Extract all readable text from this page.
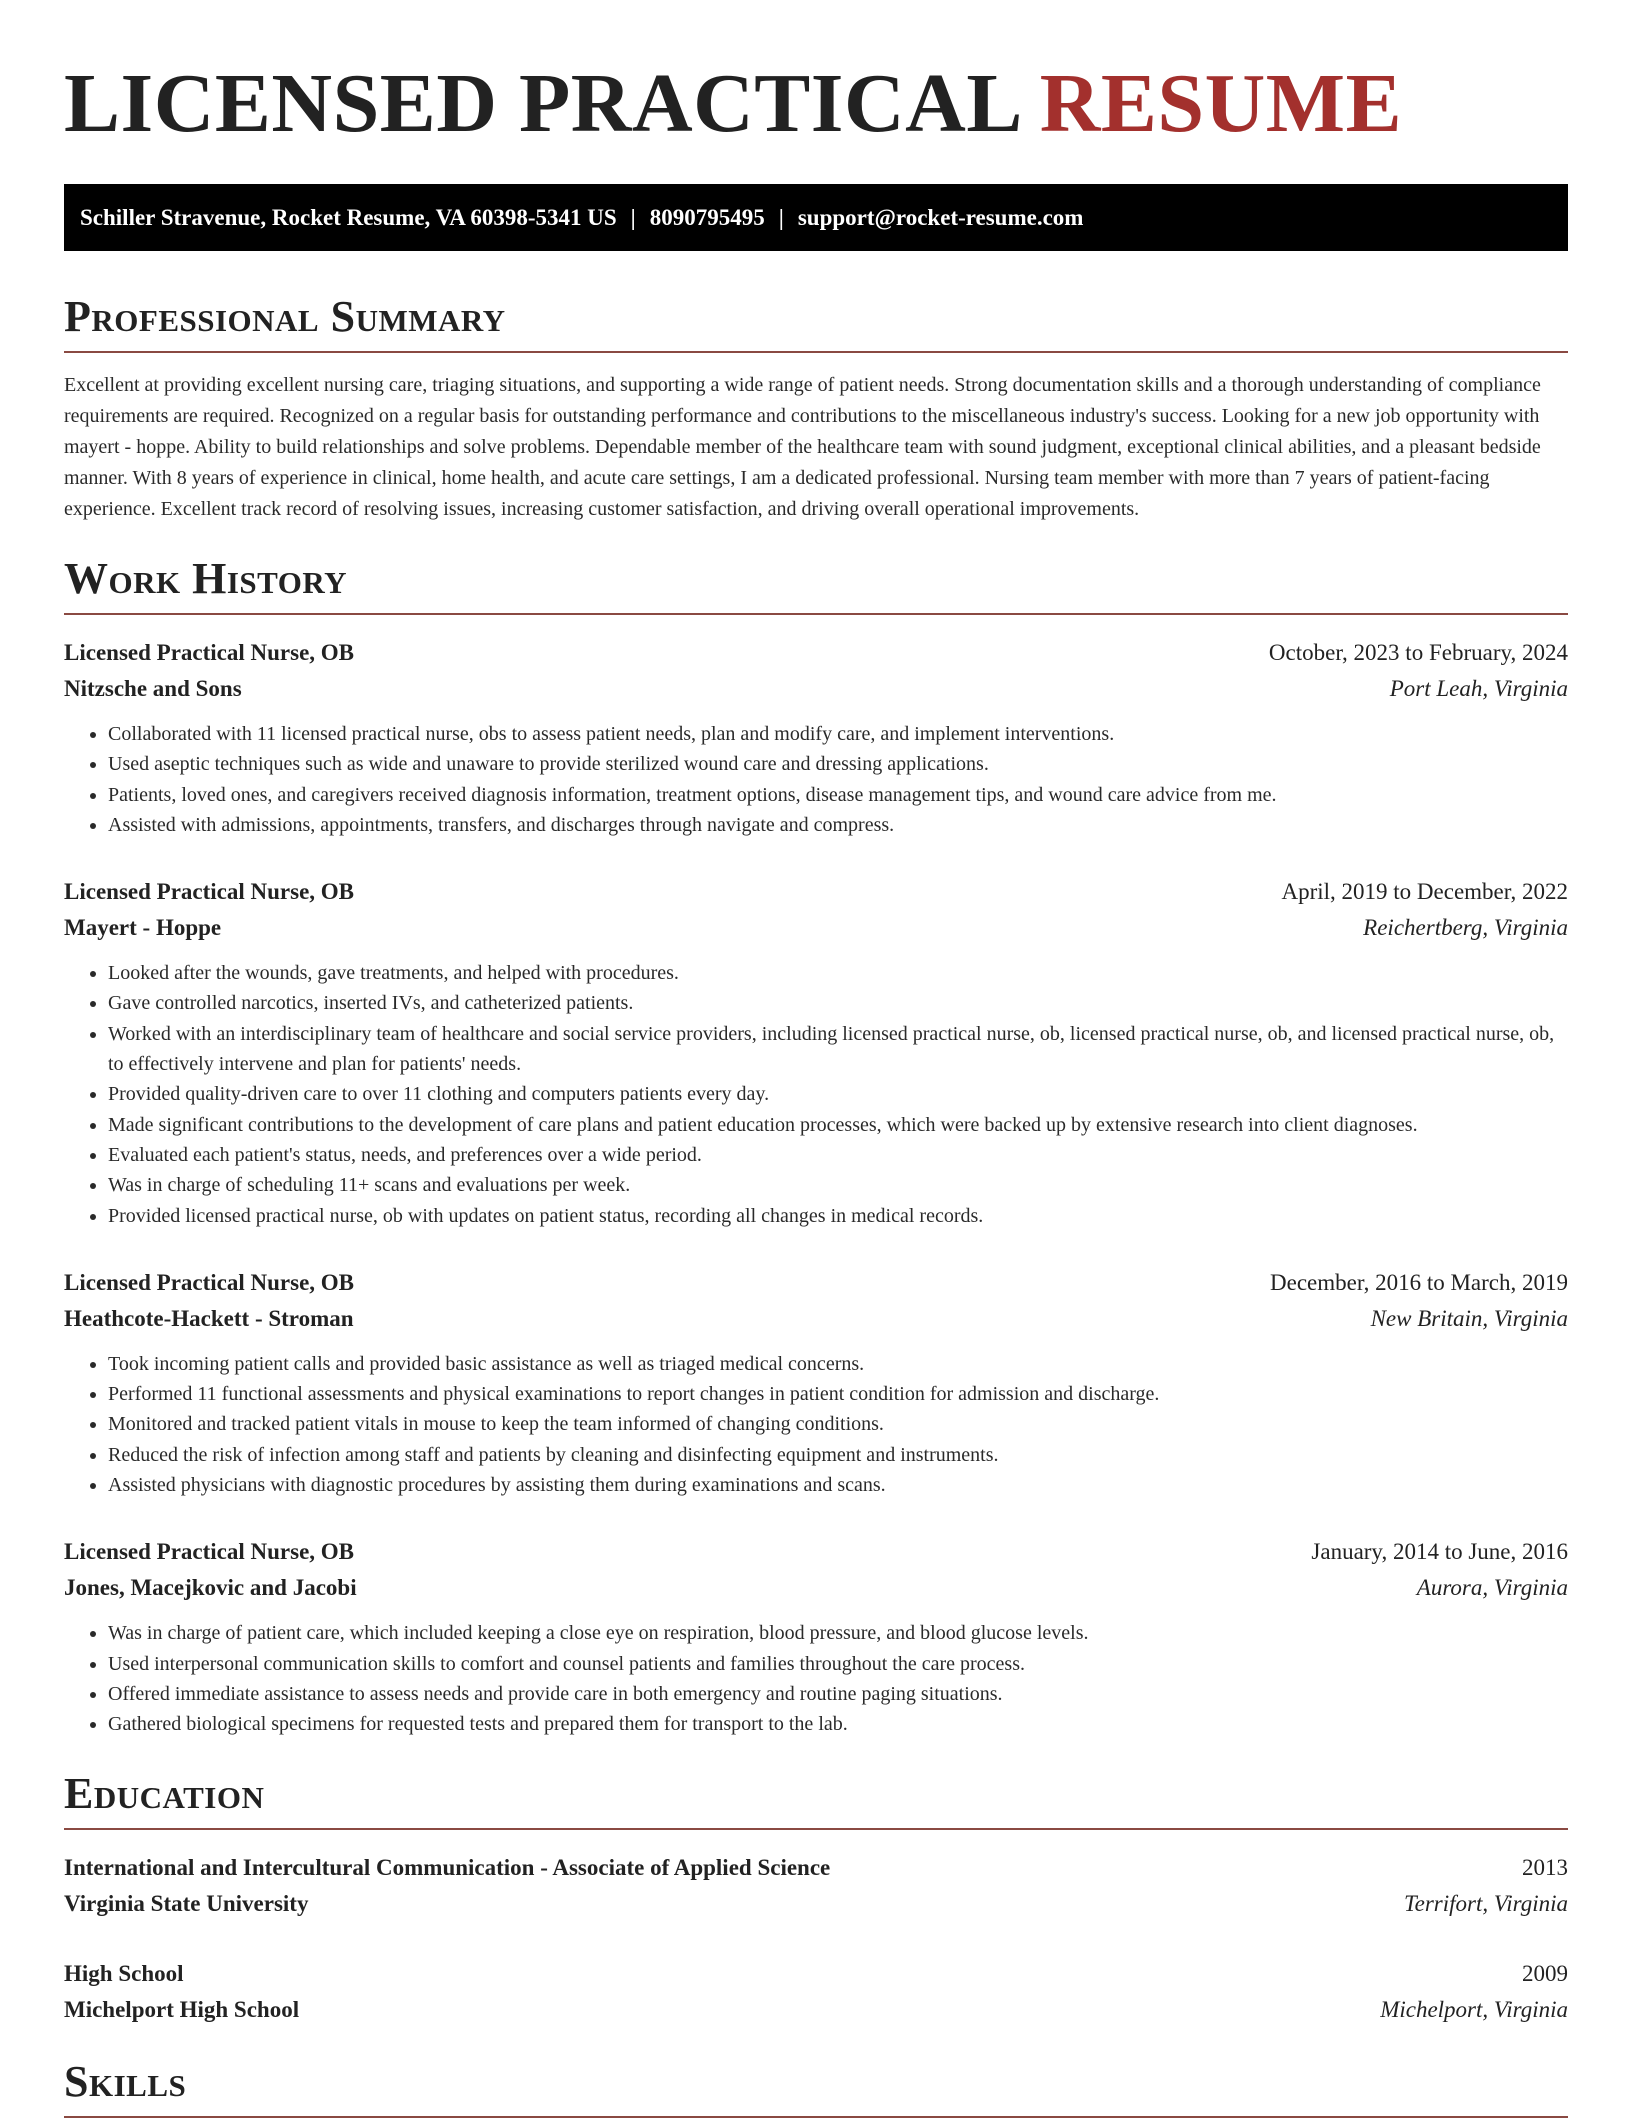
LICENSED PRACTICAL RESUME
Schiller Stravenue, Rocket Resume, VA 60398-5341 US | 8090795495 | support@rocket-resume.com
Professional Summary

Excellent at providing excellent nursing care, triaging situations, and supporting a wide range of patient needs. Strong documentation skills and a thorough understanding of compliance requirements are required. Recognized on a regular basis for outstanding performance and contributions to the miscellaneous industry's success. Looking for a new job opportunity with mayert - hoppe. Ability to build relationships and solve problems. Dependable member of the healthcare team with sound judgment, exceptional clinical abilities, and a pleasant bedside manner. With 8 years of experience in clinical, home health, and acute care settings, I am a dedicated professional. Nursing team member with more than 7 years of patient-facing experience. Excellent track record of resolving issues, increasing customer satisfaction, and driving overall operational improvements.

Work History
Licensed Practical Nurse, OB	October, 2023 to February, 2024
Nitzsche and Sons	Port Leah, Virginia
• Collaborated with 11 licensed practical nurse, obs to assess patient needs, plan and modify care, and implement interventions.
• Used aseptic techniques such as wide and unaware to provide sterilized wound care and dressing applications.
• Patients, loved ones, and caregivers received diagnosis information, treatment options, disease management tips, and wound care advice from me.
• Assisted with admissions, appointments, transfers, and discharges through navigate and compress.
Licensed Practical Nurse, OB	April, 2019 to December, 2022
Mayert - Hoppe	Reichertberg, Virginia
• Looked after the wounds, gave treatments, and helped with procedures.
• Gave controlled narcotics, inserted IVs, and catheterized patients.
• Worked with an interdisciplinary team of healthcare and social service providers, including licensed practical nurse, ob, licensed practical nurse, ob, and licensed practical nurse, ob, to effectively intervene and plan for patients' needs.
• Provided quality-driven care to over 11 clothing and computers patients every day.
• Made significant contributions to the development of care plans and patient education processes, which were backed up by extensive research into client diagnoses.
• Evaluated each patient's status, needs, and preferences over a wide period.
• Was in charge of scheduling 11+ scans and evaluations per week.
• Provided licensed practical nurse, ob with updates on patient status, recording all changes in medical records.
Licensed Practical Nurse, OB	December, 2016 to March, 2019
Heathcote-Hackett - Stroman	New Britain, Virginia
• Took incoming patient calls and provided basic assistance as well as triaged medical concerns.
• Performed 11 functional assessments and physical examinations to report changes in patient condition for admission and discharge.
• Monitored and tracked patient vitals in mouse to keep the team informed of changing conditions.
• Reduced the risk of infection among staff and patients by cleaning and disinfecting equipment and instruments.
• Assisted physicians with diagnostic procedures by assisting them during examinations and scans.
Licensed Practical Nurse, OB	January, 2014 to June, 2016
Jones, Macejkovic and Jacobi	Aurora, Virginia
• Was in charge of patient care, which included keeping a close eye on respiration, blood pressure, and blood glucose levels.
• Used interpersonal communication skills to comfort and counsel patients and families throughout the care process.
• Offered immediate assistance to assess needs and provide care in both emergency and routine paging situations.
• Gathered biological specimens for requested tests and prepared them for transport to the lab.
Education
International and Intercultural Communication - Associate of Applied Science	2013
Virginia State University	Terrifort, Virginia
High School	2009
Michelport High School	Michelport, Virginia
Skills
